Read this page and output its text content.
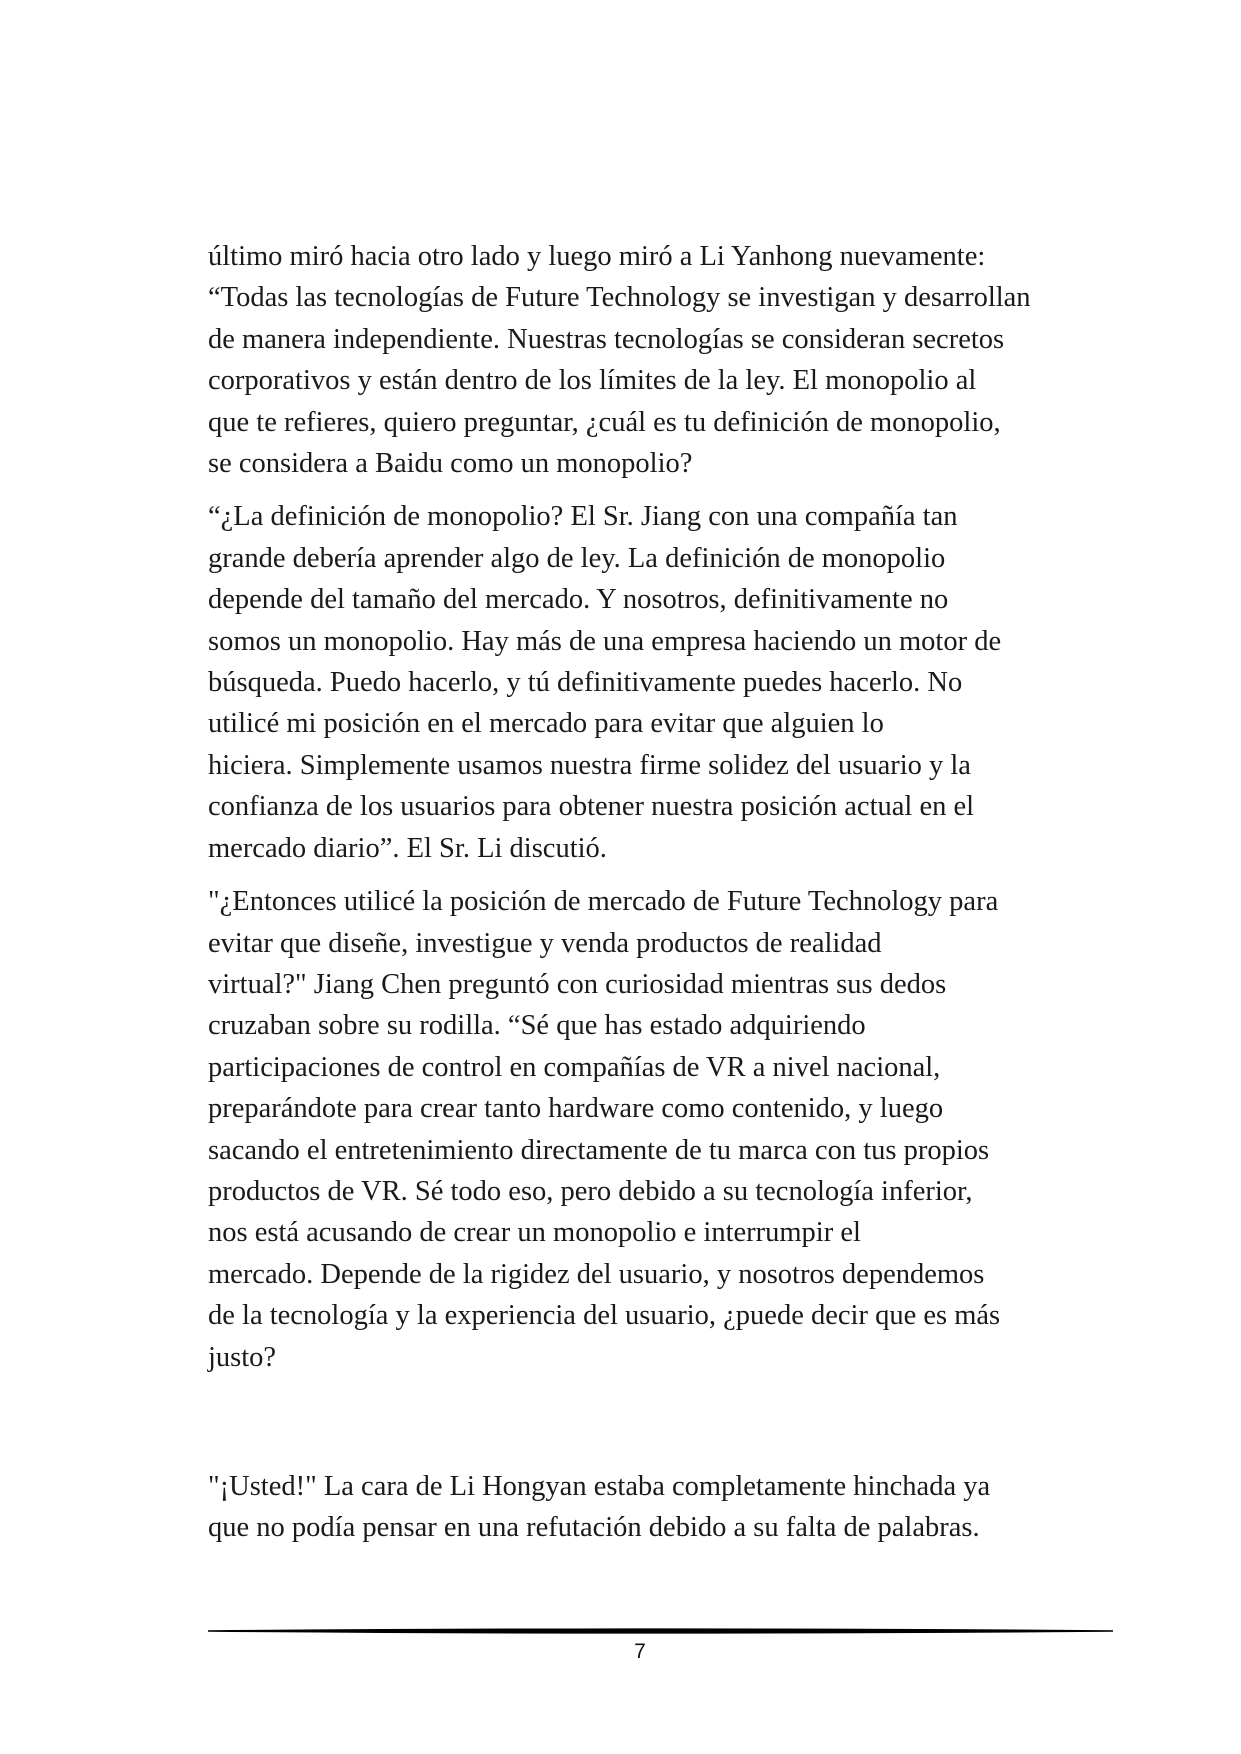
último miró hacia otro lado y luego miró a Li Yanhong nuevamente:
“Todas las tecnologías de Future Technology se investigan y desarrollan
de manera independiente. Nuestras tecnologías se consideran secretos
corporativos y están dentro de los límites de la ley. El monopolio al
que te refieres, quiero preguntar, ¿cuál es tu definición de monopolio,
se considera a Baidu como un monopolio?

“¿La definición de monopolio? El Sr. Jiang con una compañía tan
grande debería aprender algo de ley. La definición de monopolio
depende del tamaño del mercado. Y nosotros, definitivamente no
somos un monopolio. Hay más de una empresa haciendo un motor de
búsqueda. Puedo hacerlo, y tú definitivamente puedes hacerlo. No
utilicé mi posición en el mercado para evitar que alguien lo
hiciera. Simplemente usamos nuestra firme solidez del usuario y la
confianza de los usuarios para obtener nuestra posición actual en el
mercado diario”. El Sr. Li discutió.

"¿Entonces utilicé la posición de mercado de Future Technology para
evitar que diseñe, investigue y venda productos de realidad
virtual?" Jiang Chen preguntó con curiosidad mientras sus dedos
cruzaban sobre su rodilla. “Sé que has estado adquiriendo
participaciones de control en compañías de VR a nivel nacional,
preparándote para crear tanto hardware como contenido, y luego
sacando el entretenimiento directamente de tu marca con tus propios
productos de VR. Sé todo eso, pero debido a su tecnología inferior,
nos está acusando de crear un monopolio e interrumpir el
mercado. Depende de la rigidez del usuario, y nosotros dependemos
de la tecnología y la experiencia del usuario, ¿puede decir que es más
justo?

"¡Usted!" La cara de Li Hongyan estaba completamente hinchada ya
que no podía pensar en una refutación debido a su falta de palabras.

7
